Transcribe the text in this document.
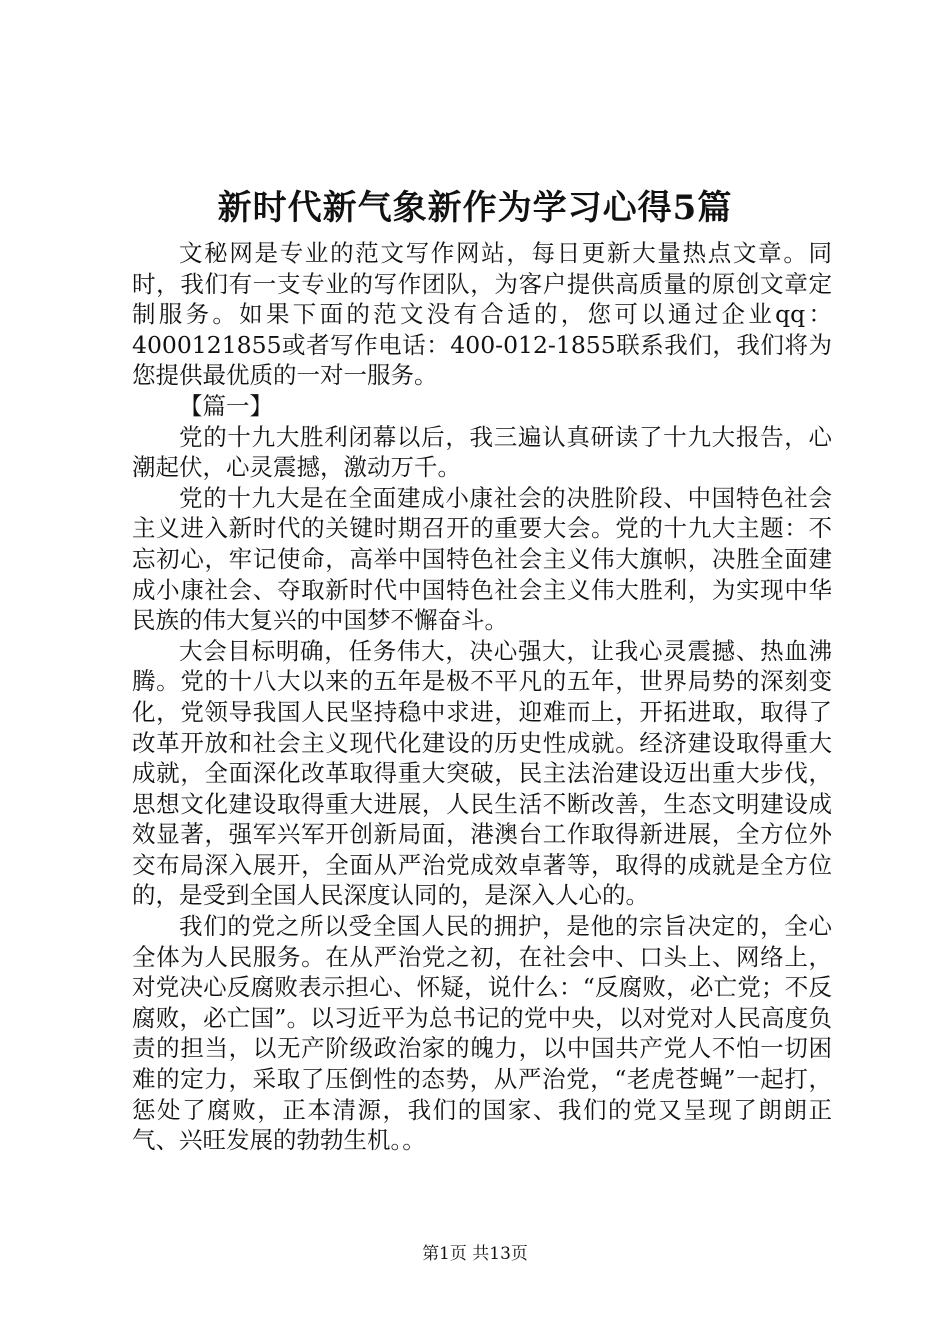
新时代新气象新作为学习心得5篇

文秘网是专业的范文写作网站，每日更新大量热点文章。同时，我们有一支专业的写作团队，为客户提供高质量的原创文章定制服务。如果下面的范文没有合适的，您可以通过企业qq：4000121855或者写作电话：400-012-1855联系我们，我们将为您提供最优质的一对一服务。

【篇一】

党的十九大胜利闭幕以后，我三遍认真研读了十九大报告，心潮起伏，心灵震撼，激动万千。

党的十九大是在全面建成小康社会的决胜阶段、中国特色社会主义进入新时代的关键时期召开的重要大会。党的十九大主题：不忘初心，牢记使命，高举中国特色社会主义伟大旗帜，决胜全面建成小康社会、夺取新时代中国特色社会主义伟大胜利，为实现中华民族的伟大复兴的中国梦不懈奋斗。

大会目标明确，任务伟大，决心强大，让我心灵震撼、热血沸腾。党的十八大以来的五年是极不平凡的五年，世界局势的深刻变化，党领导我国人民坚持稳中求进，迎难而上，开拓进取，取得了改革开放和社会主义现代化建设的历史性成就。经济建设取得重大成就，全面深化改革取得重大突破，民主法治建设迈出重大步伐，思想文化建设取得重大进展，人民生活不断改善，生态文明建设成效显著，强军兴军开创新局面，港澳台工作取得新进展，全方位外交布局深入展开，全面从严治党成效卓著等，取得的成就是全方位的，是受到全国人民深度认同的，是深入人心的。

我们的党之所以受全国人民的拥护，是他的宗旨决定的，全心全体为人民服务。在从严治党之初，在社会中、口头上、网络上，对党决心反腐败表示担心、怀疑，说什么：“反腐败，必亡党；不反腐败，必亡国”。以习近平为总书记的党中央，以对党对人民高度负责的担当，以无产阶级政治家的魄力，以中国共产党人不怕一切困难的定力，采取了压倒性的态势，从严治党，“老虎苍蝇”一起打，惩处了腐败，正本清源，我们的国家、我们的党又呈现了朗朗正气、兴旺发展的勃勃生机。。

第1页 共13页
